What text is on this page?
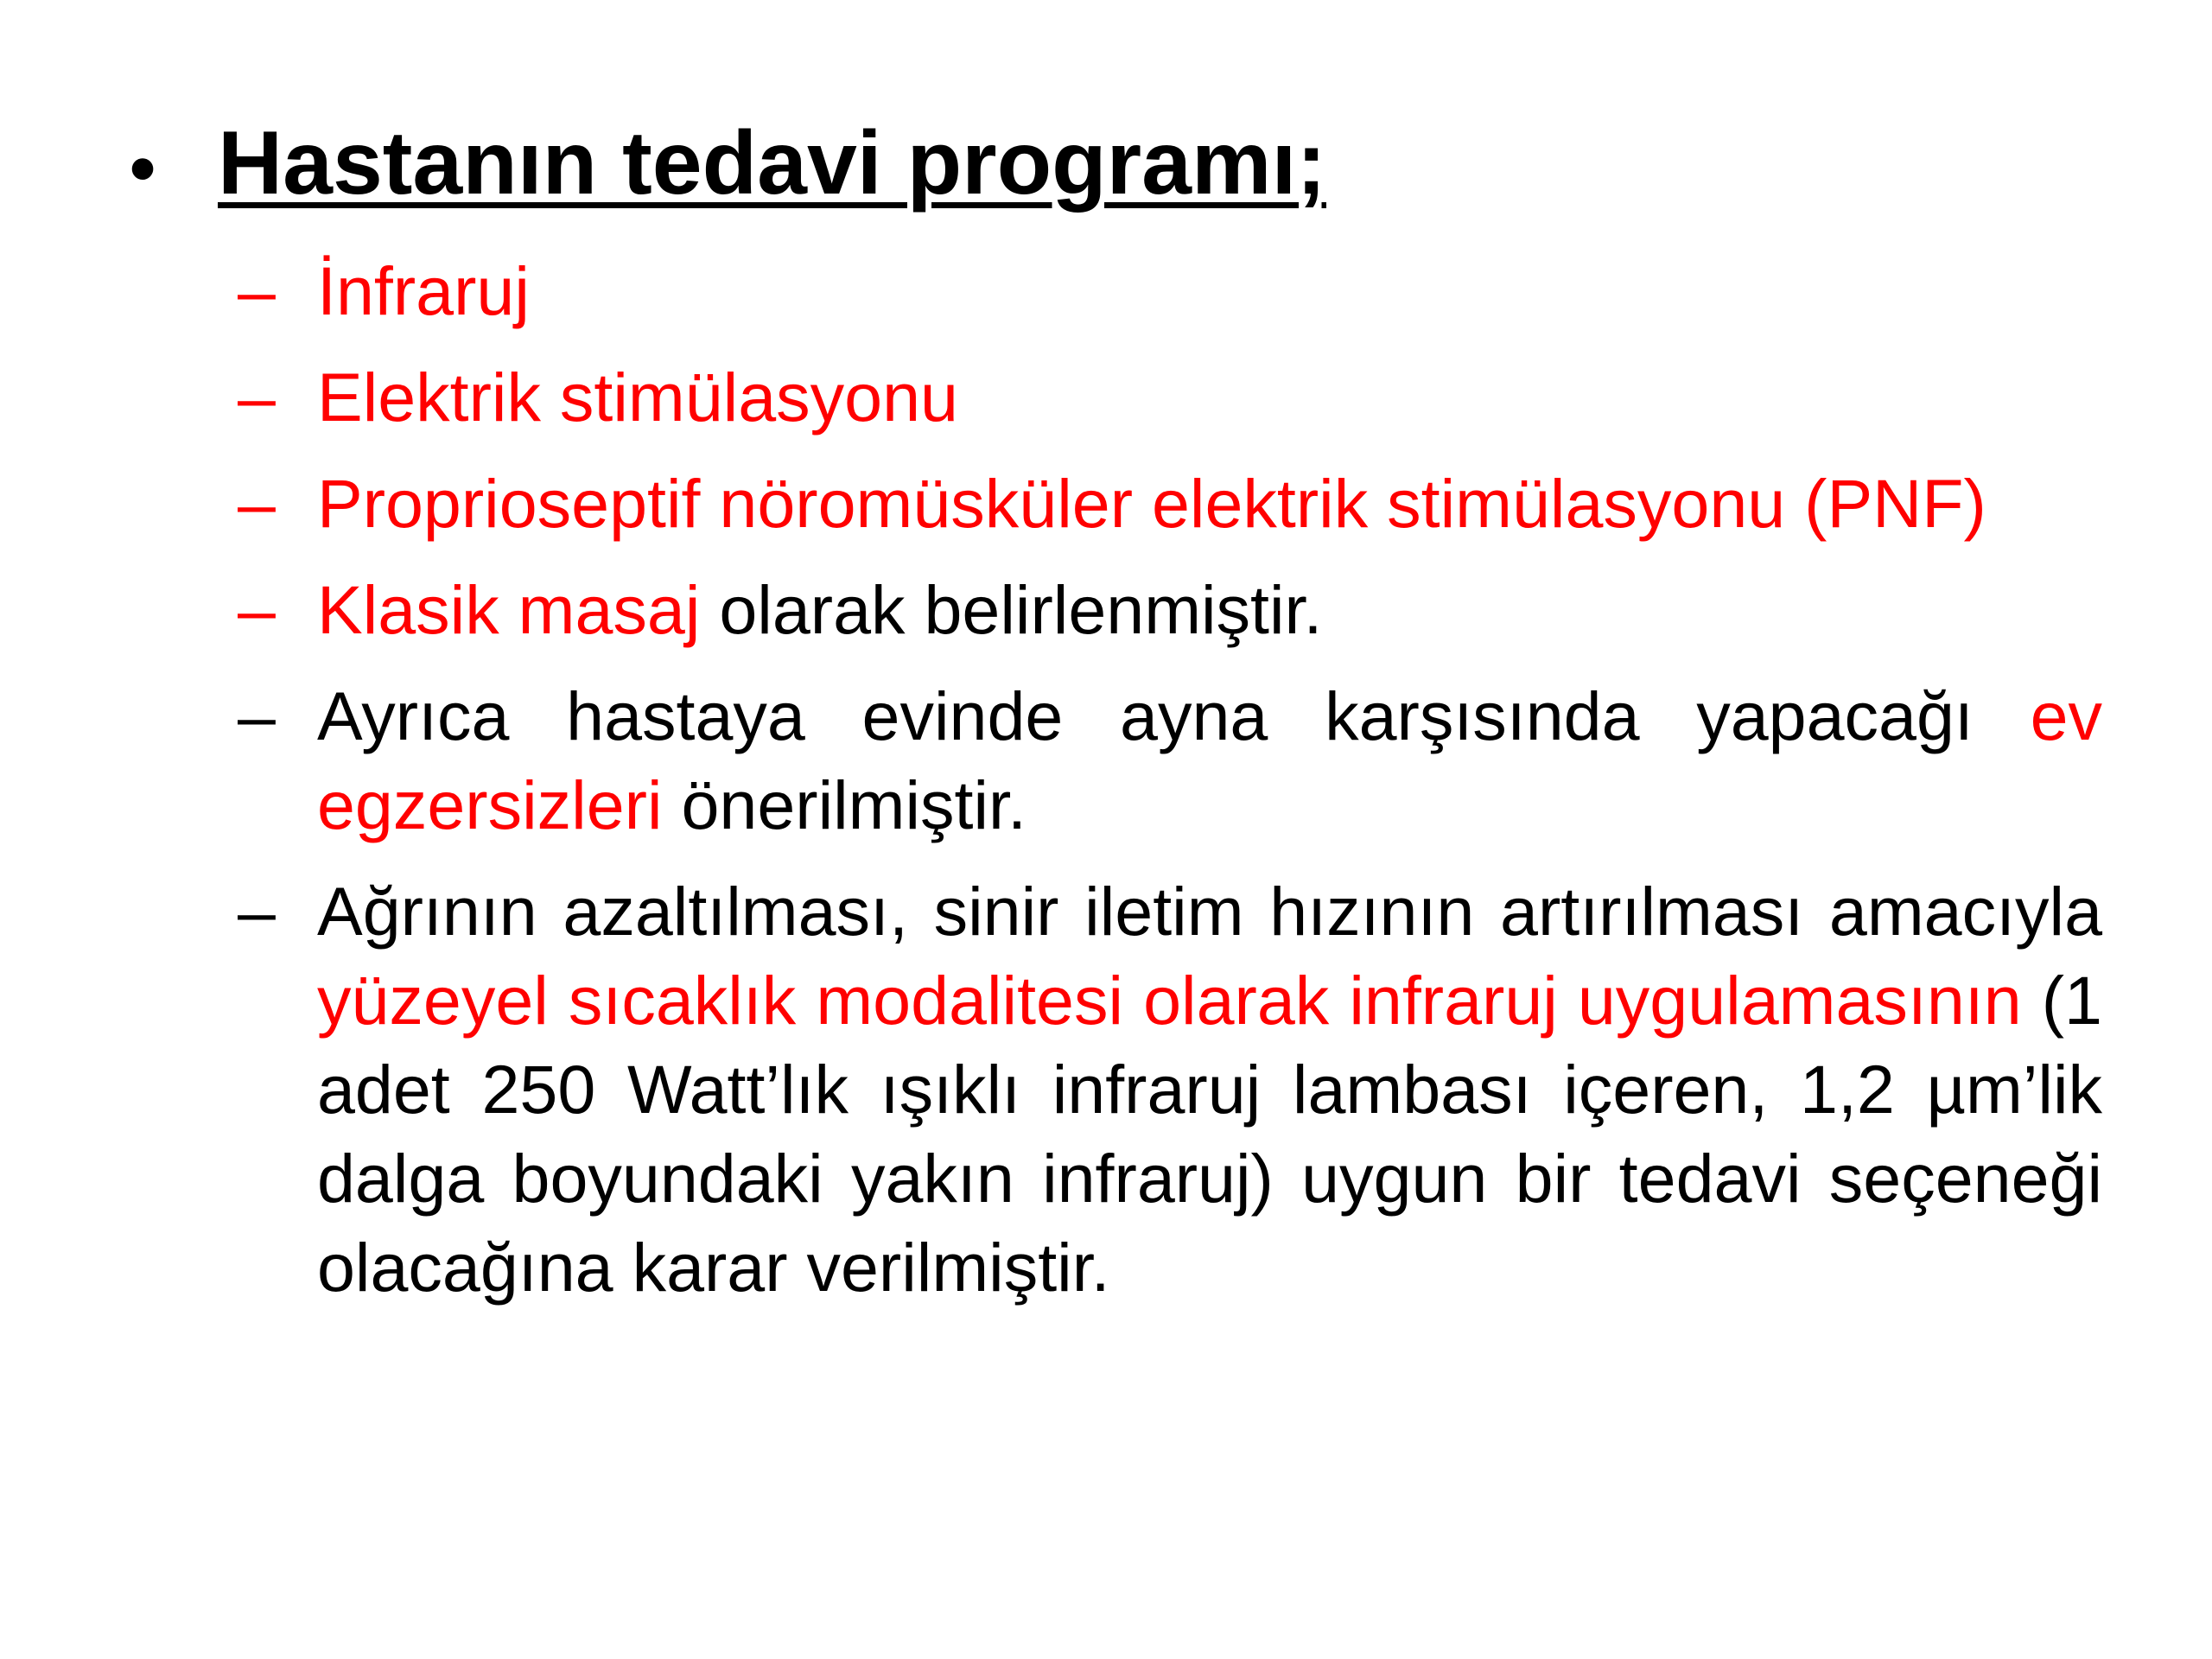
• Hastanın tedavi programı;
– İnfraruj
– Elektrik stimülasyonu
– Proprioseptif nöromüsküler elektrik stimülasyonu (PNF)
– Klasik masaj olarak belirlenmiştir.
– Ayrıca hastaya evinde ayna karşısında yapacağı ev egzersizleri önerilmiştir.
– Ağrının azaltılması, sinir iletim hızının artırılması amacıyla yüzeyel sıcaklık modalitesi olarak infraruj uygulamasının (1 adet 250 Watt’lık ışıklı infraruj lambası içeren, 1,2 µm’lik dalga boyundaki yakın infraruj) uygun bir tedavi seçeneği olacağına karar verilmiştir.
